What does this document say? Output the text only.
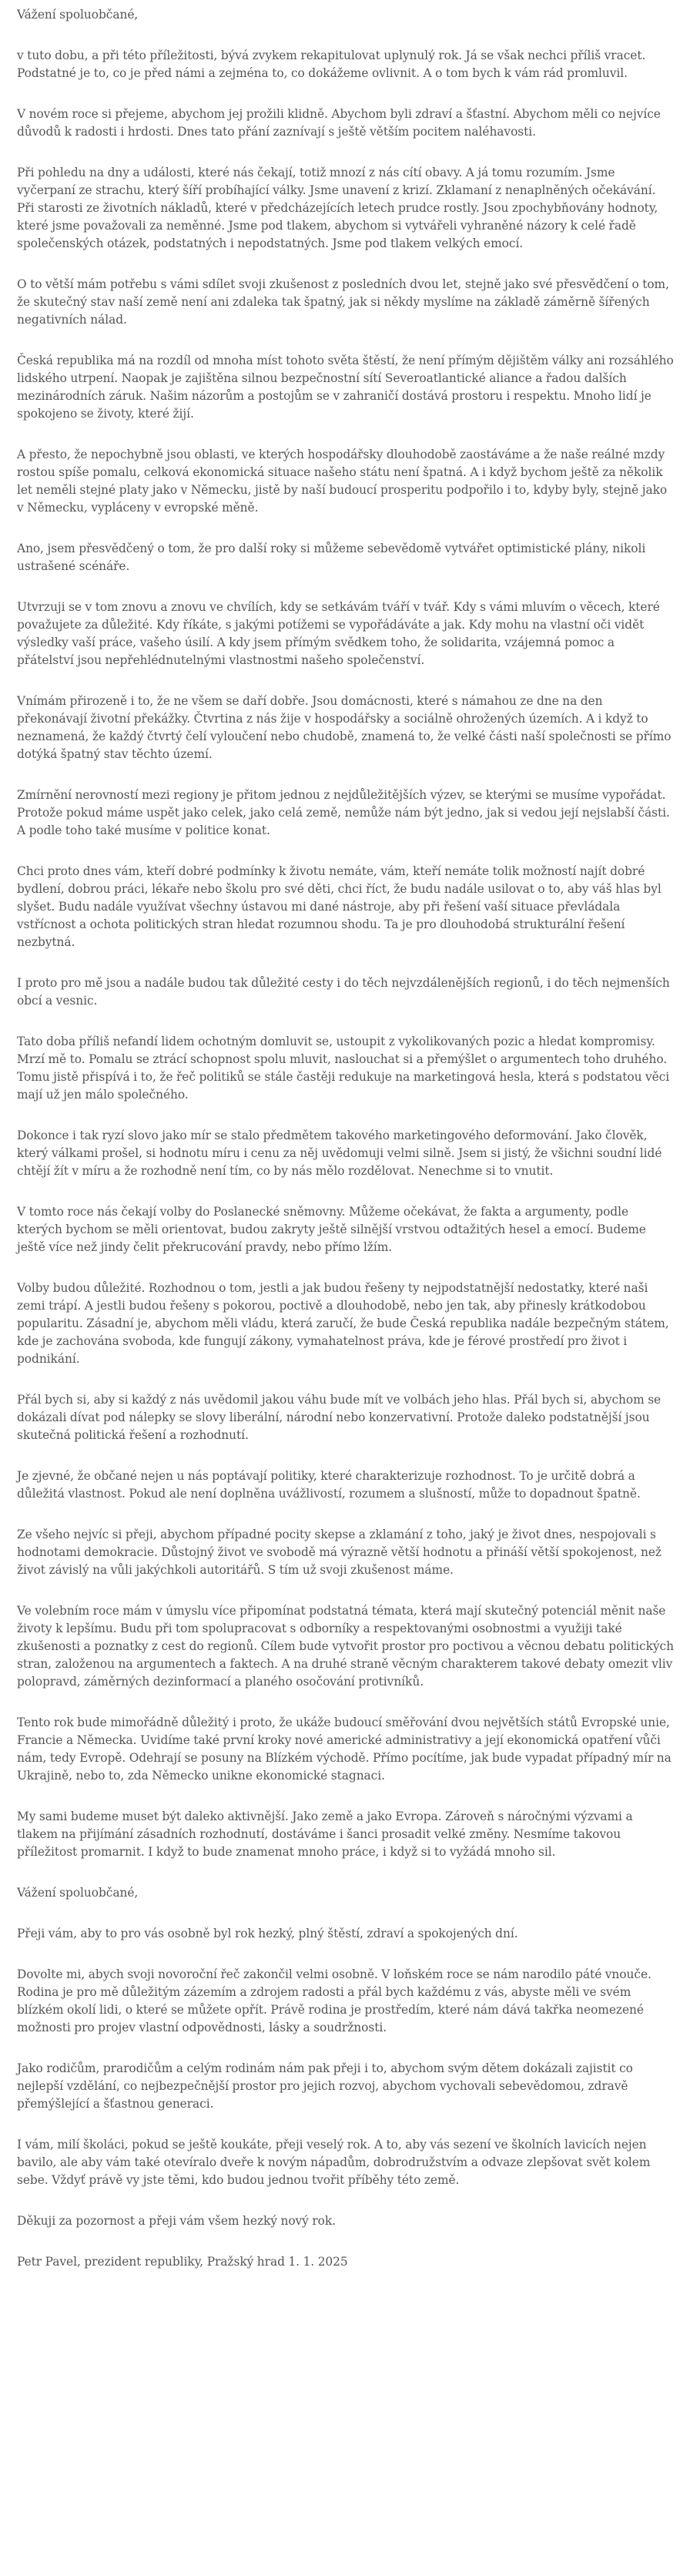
Vážení spoluobčané,

v tuto dobu, a při této příležitosti, bývá zvykem rekapitulovat uplynulý rok. Já se však nechci příliš vracet. Podstatné je to, co je před námi a zejména to, co dokážeme ovlivnit. A o tom bych k vám rád promluvil.

V novém roce si přejeme, abychom jej prožili klidně. Abychom byli zdraví a šťastní. Abychom měli co nejvíce důvodů k radosti i hrdosti. Dnes tato přání zaznívají s ještě větším pocitem naléhavosti.

Při pohledu na dny a události, které nás čekají, totiž mnozí z nás cítí obavy. A já tomu rozumím. Jsme vyčerpaní ze strachu, který šíří probíhající války. Jsme unavení z krizí. Zklamaní z nenaplněných očekávání. Při starosti ze životních nákladů, které v předcházejících letech prudce rostly. Jsou zpochybňovány hodnoty, které jsme považovali za neměnné. Jsme pod tlakem, abychom si vytvářeli vyhraněné názory k celé řadě společenských otázek, podstatných i nepodstatných. Jsme pod tlakem velkých emocí.

O to větší mám potřebu s vámi sdílet svoji zkušenost z posledních dvou let, stejně jako své přesvědčení o tom, že skutečný stav naší země není ani zdaleka tak špatný, jak si někdy myslíme na základě záměrně šířených negativních nálad.

Česká republika má na rozdíl od mnoha míst tohoto světa štěstí, že není přímým dějištěm války ani rozsáhlého lidského utrpení. Naopak je zajištěna silnou bezpečnostní sítí Severoatlantické aliance a řadou dalších mezinárodních záruk. Našim názorům a postojům se v zahraničí dostává prostoru i respektu. Mnoho lidí je spokojeno se životy, které žijí.

A přesto, že nepochybně jsou oblasti, ve kterých hospodářsky dlouhodobě zaostáváme a že naše reálné mzdy rostou spíše pomalu, celková ekonomická situace našeho státu není špatná. A i když bychom ještě za několik let neměli stejné platy jako v Německu, jistě by naší budoucí prosperitu podpořilo i to, kdyby byly, stejně jako v Německu, vypláceny v evropské měně.

Ano, jsem přesvědčený o tom, že pro další roky si můžeme sebevědomě vytvářet optimistické plány, nikoli ustrašené scénáře.

Utvrzuji se v tom znovu a znovu ve chvílích, kdy se setkávám tváří v tvář. Kdy s vámi mluvím o věcech, které považujete za důležité. Kdy říkáte, s jakými potížemi se vypořádáváte a jak. Kdy mohu na vlastní oči vidět výsledky vaší práce, vašeho úsilí. A kdy jsem přímým svědkem toho, že solidarita, vzájemná pomoc a přátelství jsou nepřehlédnutelnými vlastnostmi našeho společenství.

Vnímám přirozeně i to, že ne všem se daří dobře. Jsou domácnosti, které s námahou ze dne na den překonávají životní překážky. Čtvrtina z nás žije v hospodářsky a sociálně ohrožených územích. A i když to neznamená, že každý čtvrtý čelí vyloučení nebo chudobě, znamená to, že velké části naší společnosti se přímo dotýká špatný stav těchto území.

Zmírnění nerovností mezi regiony je přitom jednou z nejdůležitějších výzev, se kterými se musíme vypořádat. Protože pokud máme uspět jako celek, jako celá země, nemůže nám být jedno, jak si vedou její nejslabší části. A podle toho také musíme v politice konat.

Chci proto dnes vám, kteří dobré podmínky k životu nemáte, vám, kteří nemáte tolik možností najít dobré bydlení, dobrou práci, lékaře nebo školu pro své děti, chci říct, že budu nadále usilovat o to, aby váš hlas byl slyšet. Budu nadále využívat všechny ústavou mi dané nástroje, aby při řešení vaší situace převládala vstřícnost a ochota politických stran hledat rozumnou shodu. Ta je pro dlouhodobá strukturální řešení nezbytná.

I proto pro mě jsou a nadále budou tak důležité cesty i do těch nejvzdálenějších regionů, i do těch nejmenších obcí a vesnic.

Tato doba příliš nefandí lidem ochotným domluvit se, ustoupit z vykolikovaných pozic a hledat kompromisy. Mrzí mě to. Pomalu se ztrácí schopnost spolu mluvit, naslouchat si a přemýšlet o argumentech toho druhého. Tomu jistě přispívá i to, že řeč politiků se stále častěji redukuje na marketingová hesla, která s podstatou věci mají už jen málo společného.

Dokonce i tak ryzí slovo jako mír se stalo předmětem takového marketingového deformování. Jako člověk, který válkami prošel, si hodnotu míru i cenu za něj uvědomuji velmi silně. Jsem si jistý, že všichni soudní lidé chtějí žít v míru a že rozhodně není tím, co by nás mělo rozdělovat. Nenechme si to vnutit.

V tomto roce nás čekají volby do Poslanecké sněmovny. Můžeme očekávat, že fakta a argumenty, podle kterých bychom se měli orientovat, budou zakryty ještě silnější vrstvou odtažitých hesel a emocí. Budeme ještě více než jindy čelit překrucování pravdy, nebo přímo lžím.

Volby budou důležité. Rozhodnou o tom, jestli a jak budou řešeny ty nejpodstatnější nedostatky, které naši zemi trápí. A jestli budou řešeny s pokorou, poctivě a dlouhodobě, nebo jen tak, aby přinesly krátkodobou popularitu. Zásadní je, abychom měli vládu, která zaručí, že bude Česká republika nadále bezpečným státem, kde je zachována svoboda, kde fungují zákony, vymahatelnost práva, kde je férové prostředí pro život i podnikání.

Přál bych si, aby si každý z nás uvědomil jakou váhu bude mít ve volbách jeho hlas. Přál bych si, abychom se dokázali dívat pod nálepky se slovy liberální, národní nebo konzervativní. Protože daleko podstatnější jsou skutečná politická řešení a rozhodnutí.

Je zjevné, že občané nejen u nás poptávají politiky, které charakterizuje rozhodnost. To je určitě dobrá a důležitá vlastnost. Pokud ale není doplněna uvážlivostí, rozumem a slušností, může to dopadnout špatně.

Ze všeho nejvíc si přeji, abychom případné pocity skepse a zklamání z toho, jaký je život dnes, nespojovali s hodnotami demokracie. Důstojný život ve svobodě má výrazně větší hodnotu a přináší větší spokojenost, než život závislý na vůli jakýchkoli autoritářů. S tím už svoji zkušenost máme.

Ve volebním roce mám v úmyslu více připomínat podstatná témata, která mají skutečný potenciál měnit naše životy k lepšímu. Budu při tom spolupracovat s odborníky a respektovanými osobnostmi a využiji také zkušenosti a poznatky z cest do regionů. Cílem bude vytvořit prostor pro poctivou a věcnou debatu politických stran, založenou na argumentech a faktech. A na druhé straně věcným charakterem takové debaty omezit vliv polopravd, záměrných dezinformací a planého osočování protivníků.

Tento rok bude mimořádně důležitý i proto, že ukáže budoucí směřování dvou největších států Evropské unie, Francie a Německa. Uvidíme také první kroky nové americké administrativy a její ekonomická opatření vůči nám, tedy Evropě. Odehrají se posuny na Blízkém východě. Přímo pocítíme, jak bude vypadat případný mír na Ukrajině, nebo to, zda Německo unikne ekonomické stagnaci.

My sami budeme muset být daleko aktivnější. Jako země a jako Evropa. Zároveň s náročnými výzvami a tlakem na přijímání zásadních rozhodnutí, dostáváme i šanci prosadit velké změny. Nesmíme takovou příležitost promarnit. I když to bude znamenat mnoho práce, i když si to vyžádá mnoho sil.

Vážení spoluobčané,

Přeji vám, aby to pro vás osobně byl rok hezký, plný štěstí, zdraví a spokojených dní.

Dovolte mi, abych svoji novoroční řeč zakončil velmi osobně. V loňském roce se nám narodilo páté vnouče. Rodina je pro mě důležitým zázemím a zdrojem radosti a přál bych každému z vás, abyste měli ve svém blízkém okolí lidi, o které se můžete opřít. Právě rodina je prostředím, které nám dává takřka neomezené možnosti pro projev vlastní odpovědnosti, lásky a soudržnosti.

Jako rodičům, prarodičům a celým rodinám nám pak přeji i to, abychom svým dětem dokázali zajistit co nejlepší vzdělání, co nejbezpečnější prostor pro jejich rozvoj, abychom vychovali sebevědomou, zdravě přemýšlející a šťastnou generaci.

I vám, milí školáci, pokud se ještě koukáte, přeji veselý rok. A to, aby vás sezení ve školních lavicích nejen bavilo, ale aby vám také otevíralo dveře k novým nápadům, dobrodružstvím a odvaze zlepšovat svět kolem sebe. Vždyť právě vy jste těmi, kdo budou jednou tvořit příběhy této země.

Děkuji za pozornost a přeji vám všem hezký nový rok.

Petr Pavel, prezident republiky, Pražský hrad 1. 1. 2025
